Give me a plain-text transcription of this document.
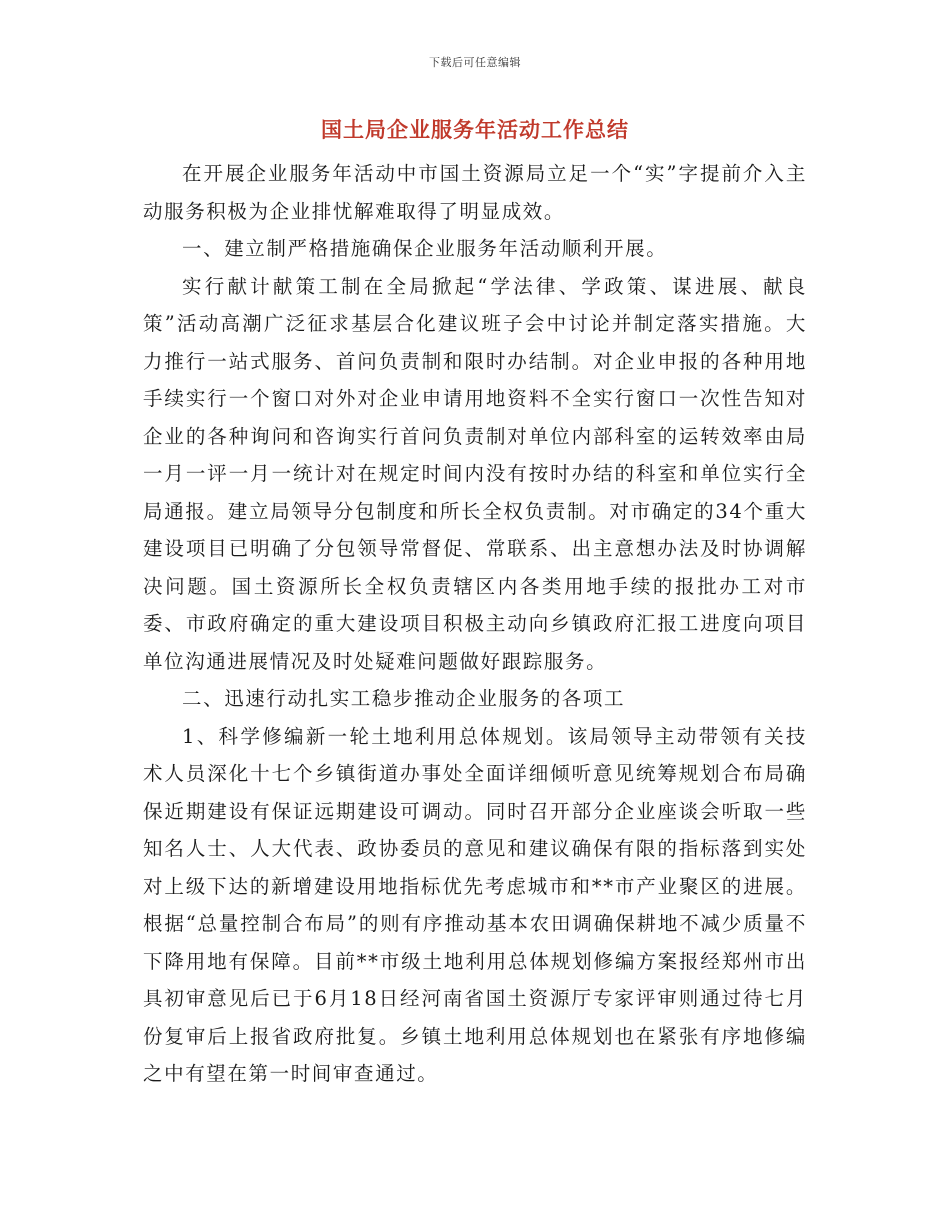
下载后可任意编辑
国土局企业服务年活动工作总结

在开展企业服务年活动中市国土资源局立足一个“实”字提前介入主动服务积极为企业排忧解难取得了明显成效。

一、建立制严格措施确保企业服务年活动顺利开展。

实行献计献策工制在全局掀起“学法律、学政策、谋进展、献良策”活动高潮广泛征求基层合化建议班子会中讨论并制定落实措施。大力推行一站式服务、首问负责制和限时办结制。对企业申报的各种用地手续实行一个窗口对外对企业申请用地资料不全实行窗口一次性告知对企业的各种询问和咨询实行首问负责制对单位内部科室的运转效率由局一月一评一月一统计对在规定时间内没有按时办结的科室和单位实行全局通报。建立局领导分包制度和所长全权负责制。对市确定的34个重大建设项目已明确了分包领导常督促、常联系、出主意想办法及时协调解决问题。国土资源所长全权负责辖区内各类用地手续的报批办工对市委、市政府确定的重大建设项目积极主动向乡镇政府汇报工进度向项目单位沟通进展情况及时处疑难问题做好跟踪服务。

二、迅速行动扎实工稳步推动企业服务的各项工

1、科学修编新一轮土地利用总体规划。该局领导主动带领有关技术人员深化十七个乡镇街道办事处全面详细倾听意见统筹规划合布局确保近期建设有保证远期建设可调动。同时召开部分企业座谈会听取一些知名人士、人大代表、政协委员的意见和建议确保有限的指标落到实处对上级下达的新增建设用地指标优先考虑城市和**市产业聚区的进展。根据“总量控制合布局”的则有序推动基本农田调确保耕地不减少质量不下降用地有保障。目前**市级土地利用总体规划修编方案报经郑州市出具初审意见后已于6月18日经河南省国土资源厅专家评审则通过待七月份复审后上报省政府批复。乡镇土地利用总体规划也在紧张有序地修编之中有望在第一时间审查通过。
